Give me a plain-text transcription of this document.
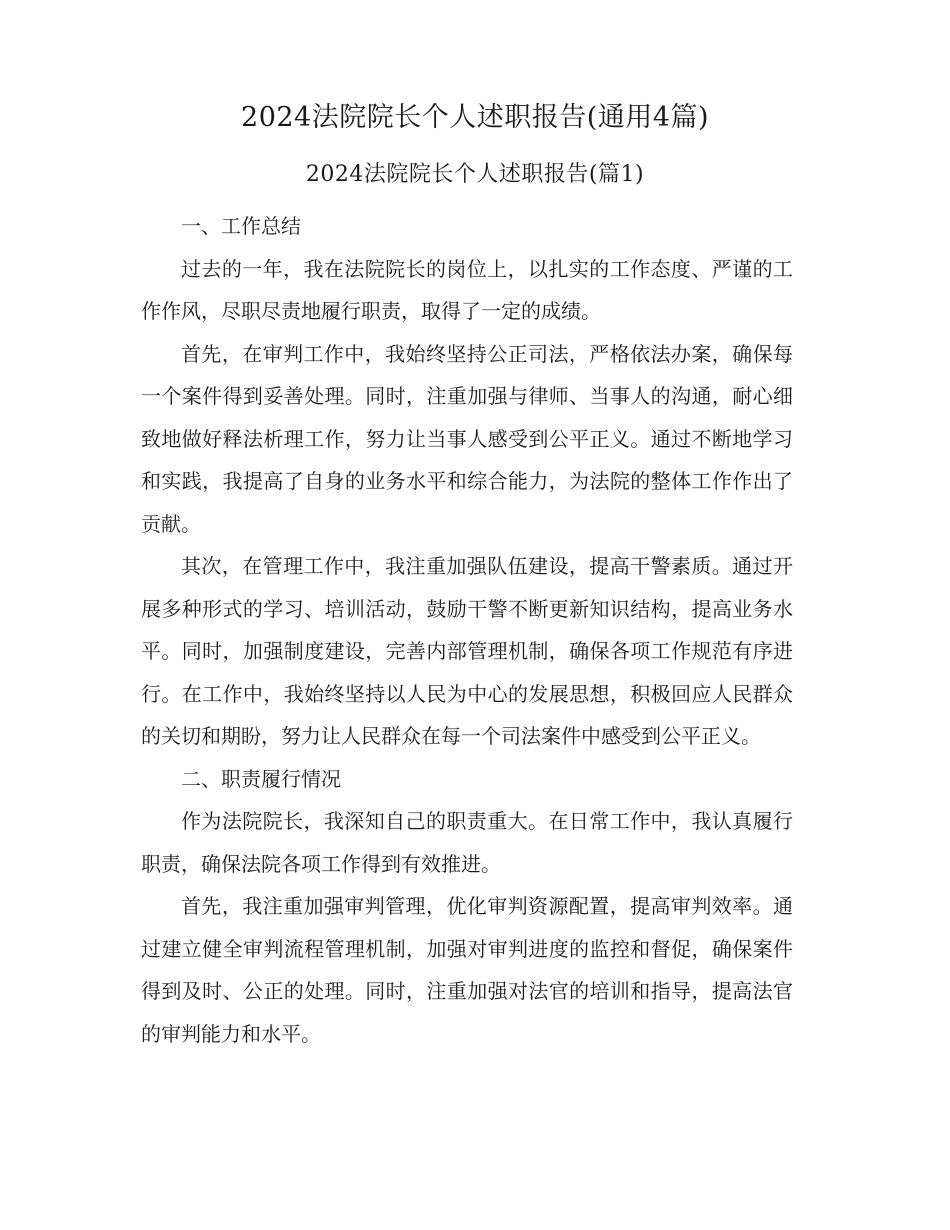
2024法院院长个人述职报告(通用4篇)
2024法院院长个人述职报告(篇1)

一、工作总结

过去的一年，我在法院院长的岗位上，以扎实的工作态度、严谨的工作作风，尽职尽责地履行职责，取得了一定的成绩。

首先，在审判工作中，我始终坚持公正司法，严格依法办案，确保每一个案件得到妥善处理。同时，注重加强与律师、当事人的沟通，耐心细致地做好释法析理工作，努力让当事人感受到公平正义。通过不断地学习和实践，我提高了自身的业务水平和综合能力，为法院的整体工作作出了贡献。

其次，在管理工作中，我注重加强队伍建设，提高干警素质。通过开展多种形式的学习、培训活动，鼓励干警不断更新知识结构，提高业务水平。同时，加强制度建设，完善内部管理机制，确保各项工作规范有序进行。在工作中，我始终坚持以人民为中心的发展思想，积极回应人民群众的关切和期盼，努力让人民群众在每一个司法案件中感受到公平正义。

二、职责履行情况

作为法院院长，我深知自己的职责重大。在日常工作中，我认真履行职责，确保法院各项工作得到有效推进。

首先，我注重加强审判管理，优化审判资源配置，提高审判效率。通过建立健全审判流程管理机制，加强对审判进度的监控和督促，确保案件得到及时、公正的处理。同时，注重加强对法官的培训和指导，提高法官的审判能力和水平。
